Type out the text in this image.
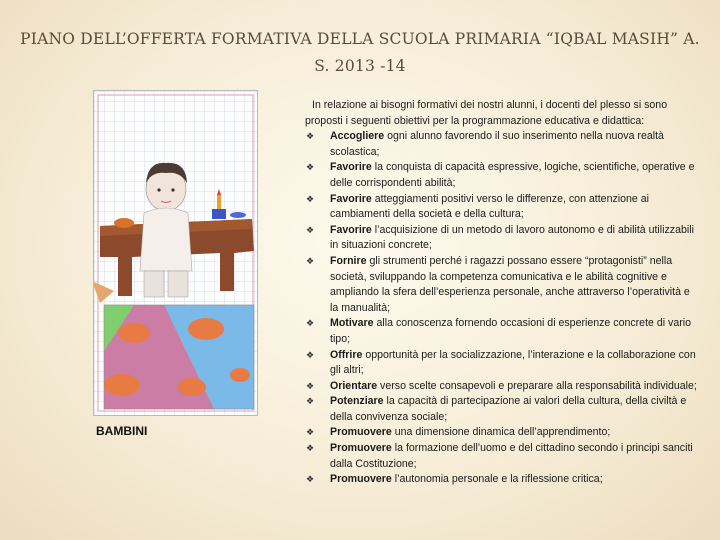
PIANO DELL’OFFERTA FORMATIVA DELLA SCUOLA PRIMARIA “IQBAL MASIH” A.
S. 2013 -14
BAMBINI

In relazione ai bisogni formativi dei nostri alunni, i docenti del plesso si sono proposti i seguenti obiettivi per la programmazione educativa e didattica:

❖ Accogliere ogni alunno favorendo il suo inserimento nella nuova realtà scolastica;
❖ Favorire la conquista di capacità espressive, logiche, scientifiche, operative e delle corrispondenti abilità;
❖ Favorire atteggiamenti positivi verso le differenze, con attenzione ai cambiamenti della società e della cultura;
❖ Favorire l’acquisizione di un metodo di lavoro autonomo e di abilità utilizzabili in situazioni concrete;
❖ Fornire gli strumenti perché i ragazzi possano essere “protagonisti” nella società, sviluppando la competenza comunicativa e le abilità cognitive e ampliando la sfera dell’esperienza personale, anche attraverso l’operatività e la manualità;
❖ Motivare alla conoscenza fornendo occasioni di esperienze concrete di vario tipo;
❖ Offrire opportunità per la socializzazione, l’interazione e la collaborazione con gli altri;
❖ Orientare verso scelte consapevoli e preparare alla responsabilità individuale;
❖ Potenziare la capacità di partecipazione ai valori della cultura, della civiltà e della convivenza sociale;
❖ Promuovere una dimensione dinamica dell’apprendimento;
❖ Promuovere la formazione dell’uomo e del cittadino secondo i principi sanciti dalla Costituzione;
❖ Promuovere l’autonomia personale e la riflessione critica;
